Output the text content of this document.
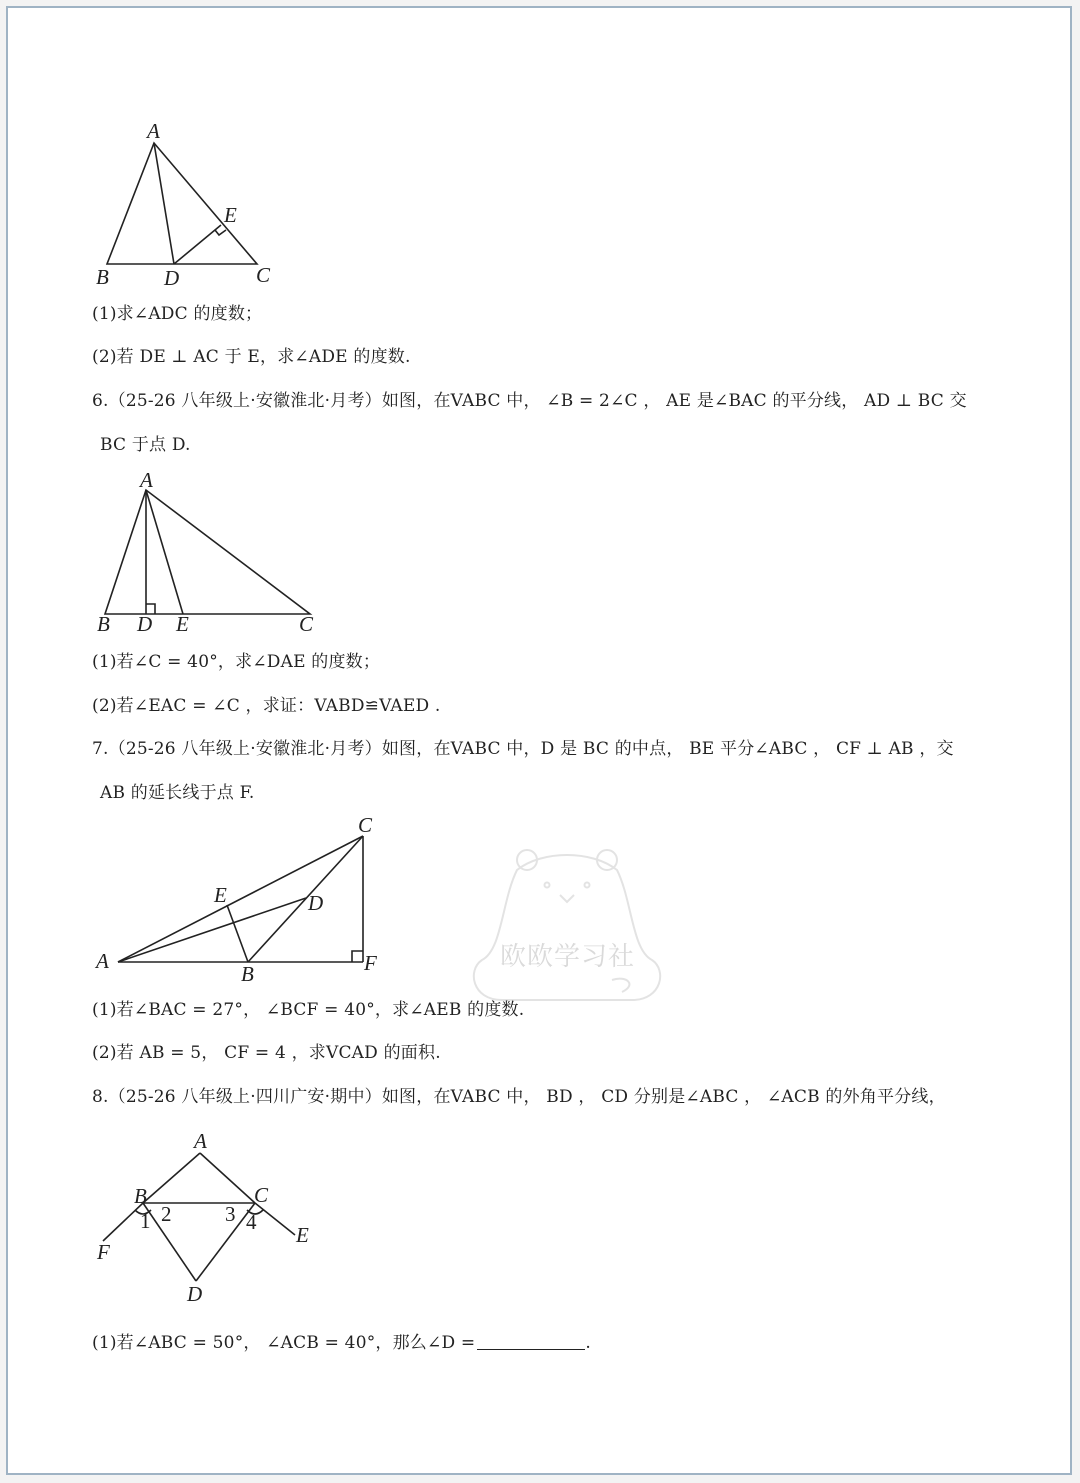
A
E
B	D	C
(1)求∠ADC 的度数；
(2)若 DE ⊥ AC 于 E，求∠ADE 的度数.
6.（25-26 八年级上·安徽淮北·月考）如图，在VABC 中， ∠B = 2∠C ， AE 是∠BAC 的平分线， AD ⊥ BC 交
BC 于点 D.
A
B D E	C
(1)若∠C = 40°，求∠DAE 的度数；
(2)若∠EAC = ∠C ，求证：VABD≌VAED .
7.（25-26 八年级上·安徽淮北·月考）如图，在VABC 中，D 是 BC 的中点， BE 平分∠ABC ， CF ⊥ AB ，交
AB 的延长线于点 F.
C
E	D
A
B	F	欧欧学习社
(1)若∠BAC = 27°， ∠BCF = 40°，求∠AEB 的度数.
(2)若 AB = 5， CF = 4 ，求VCAD 的面积.
8.（25-26 八年级上·四川广安·期中）如图，在VABC 中， BD ， CD 分别是∠ABC ， ∠ACB 的外角平分线，
A
B	C
F
E
D
1 2	3 4
(1)若∠ABC = 50°， ∠ACB = 40°，那么∠D =	.
